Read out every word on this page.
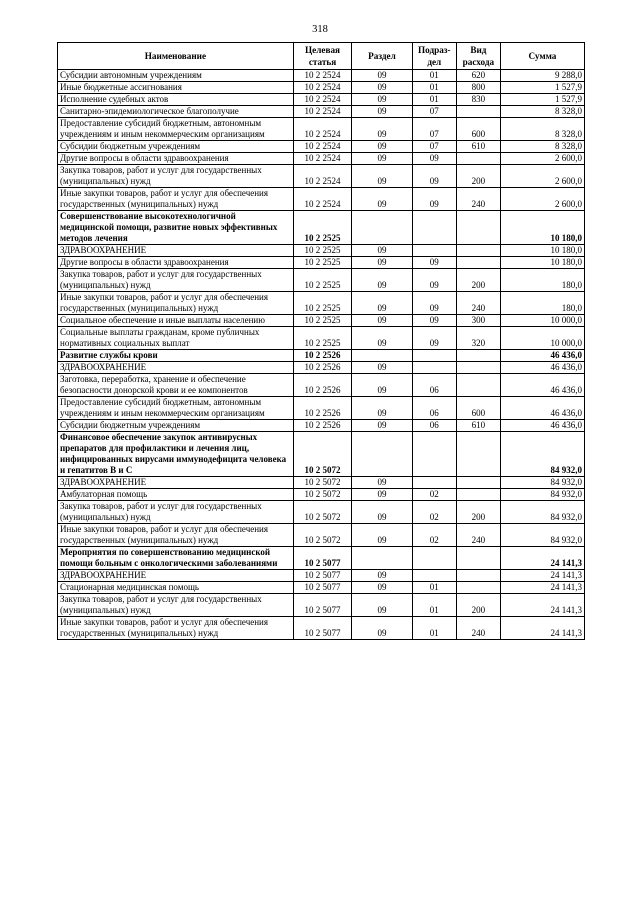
318
Наименование	Целевая статья	Раздел	Подраз-дел	Вид расхода	Сумма
Субсидии автономным учреждениям	10 2 2524	09	01	620	9 288,0
Иные бюджетные ассигнования	10 2 2524	09	01	800	1 527,9
Исполнение судебных актов	10 2 2524	09	01	830	1 527,9
Санитарно-эпидемиологическое благополучие	10 2 2524	09	07		8 328,0
Предоставление субсидий бюджетным, автономным учреждениям и иным некоммерческим организациям	10 2 2524	09	07	600	8 328,0
Субсидии бюджетным учреждениям	10 2 2524	09	07	610	8 328,0
Другие вопросы в области здравоохранения	10 2 2524	09	09		2 600,0
Закупка товаров, работ и услуг для государственных (муниципальных) нужд	10 2 2524	09	09	200	2 600,0
Иные закупки товаров, работ и услуг для обеспечения государственных (муниципальных) нужд	10 2 2524	09	09	240	2 600,0
Совершенствование высокотехнологичной медицинской помощи, развитие новых эффективных методов лечения	10 2 2525				10 180,0
ЗДРАВООХРАНЕНИЕ	10 2 2525	09			10 180,0
Другие вопросы в области здравоохранения	10 2 2525	09	09		10 180,0
Закупка товаров, работ и услуг для государственных (муниципальных) нужд	10 2 2525	09	09	200	180,0
Иные закупки товаров, работ и услуг для обеспечения государственных (муниципальных) нужд	10 2 2525	09	09	240	180,0
Социальное обеспечение и иные выплаты населению	10 2 2525	09	09	300	10 000,0
Социальные выплаты гражданам, кроме публичных нормативных социальных выплат	10 2 2525	09	09	320	10 000,0
Развитие службы крови	10 2 2526				46 436,0
ЗДРАВООХРАНЕНИЕ	10 2 2526	09			46 436,0
Заготовка, переработка, хранение и обеспечение безопасности донорской крови и ее компонентов	10 2 2526	09	06		46 436,0
Предоставление субсидий бюджетным, автономным учреждениям и иным некоммерческим организациям	10 2 2526	09	06	600	46 436,0
Субсидии бюджетным учреждениям	10 2 2526	09	06	610	46 436,0
Финансовое обеспечение закупок антивирусных препаратов для профилактики и лечения лиц, инфицированных вирусами иммунодефицита человека и гепатитов В и С	10 2 5072				84 932,0
ЗДРАВООХРАНЕНИЕ	10 2 5072	09			84 932,0
Амбулаторная помощь	10 2 5072	09	02		84 932,0
Закупка товаров, работ и услуг для государственных (муниципальных) нужд	10 2 5072	09	02	200	84 932,0
Иные закупки товаров, работ и услуг для обеспечения государственных (муниципальных) нужд	10 2 5072	09	02	240	84 932,0
Мероприятия по совершенствованию медицинской помощи больным с онкологическими заболеваниями	10 2 5077				24 141,3
ЗДРАВООХРАНЕНИЕ	10 2 5077	09			24 141,3
Стационарная медицинская помощь	10 2 5077	09	01		24 141,3
Закупка товаров, работ и услуг для государственных (муниципальных) нужд	10 2 5077	09	01	200	24 141,3
Иные закупки товаров, работ и услуг для обеспечения государственных (муниципальных) нужд	10 2 5077	09	01	240	24 141,3
